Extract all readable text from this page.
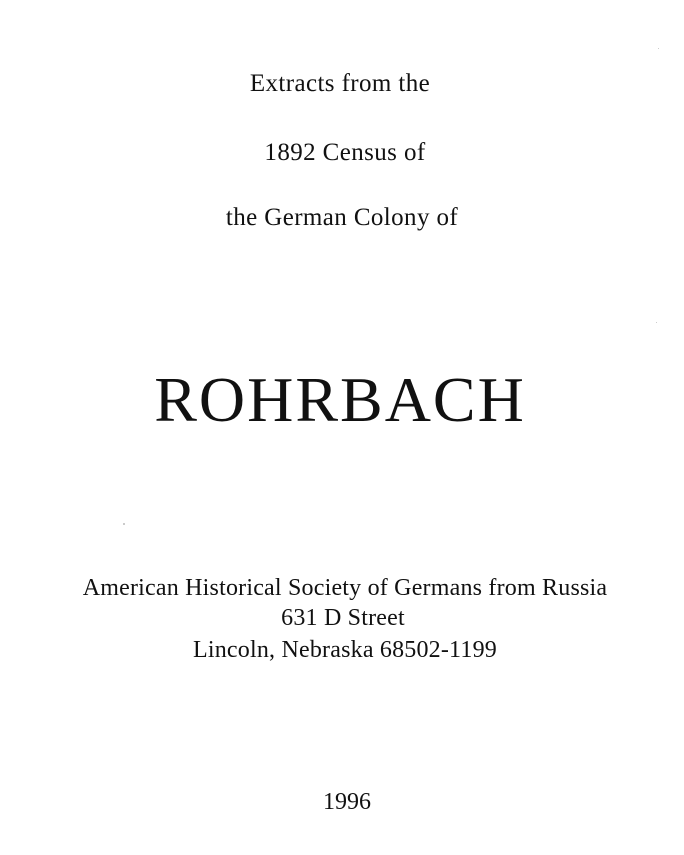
Extracts from the
1892 Census of
the German Colony of
ROHRBACH
American Historical Society of Germans from Russia
631 D Street
Lincoln, Nebraska 68502-1199
1996
